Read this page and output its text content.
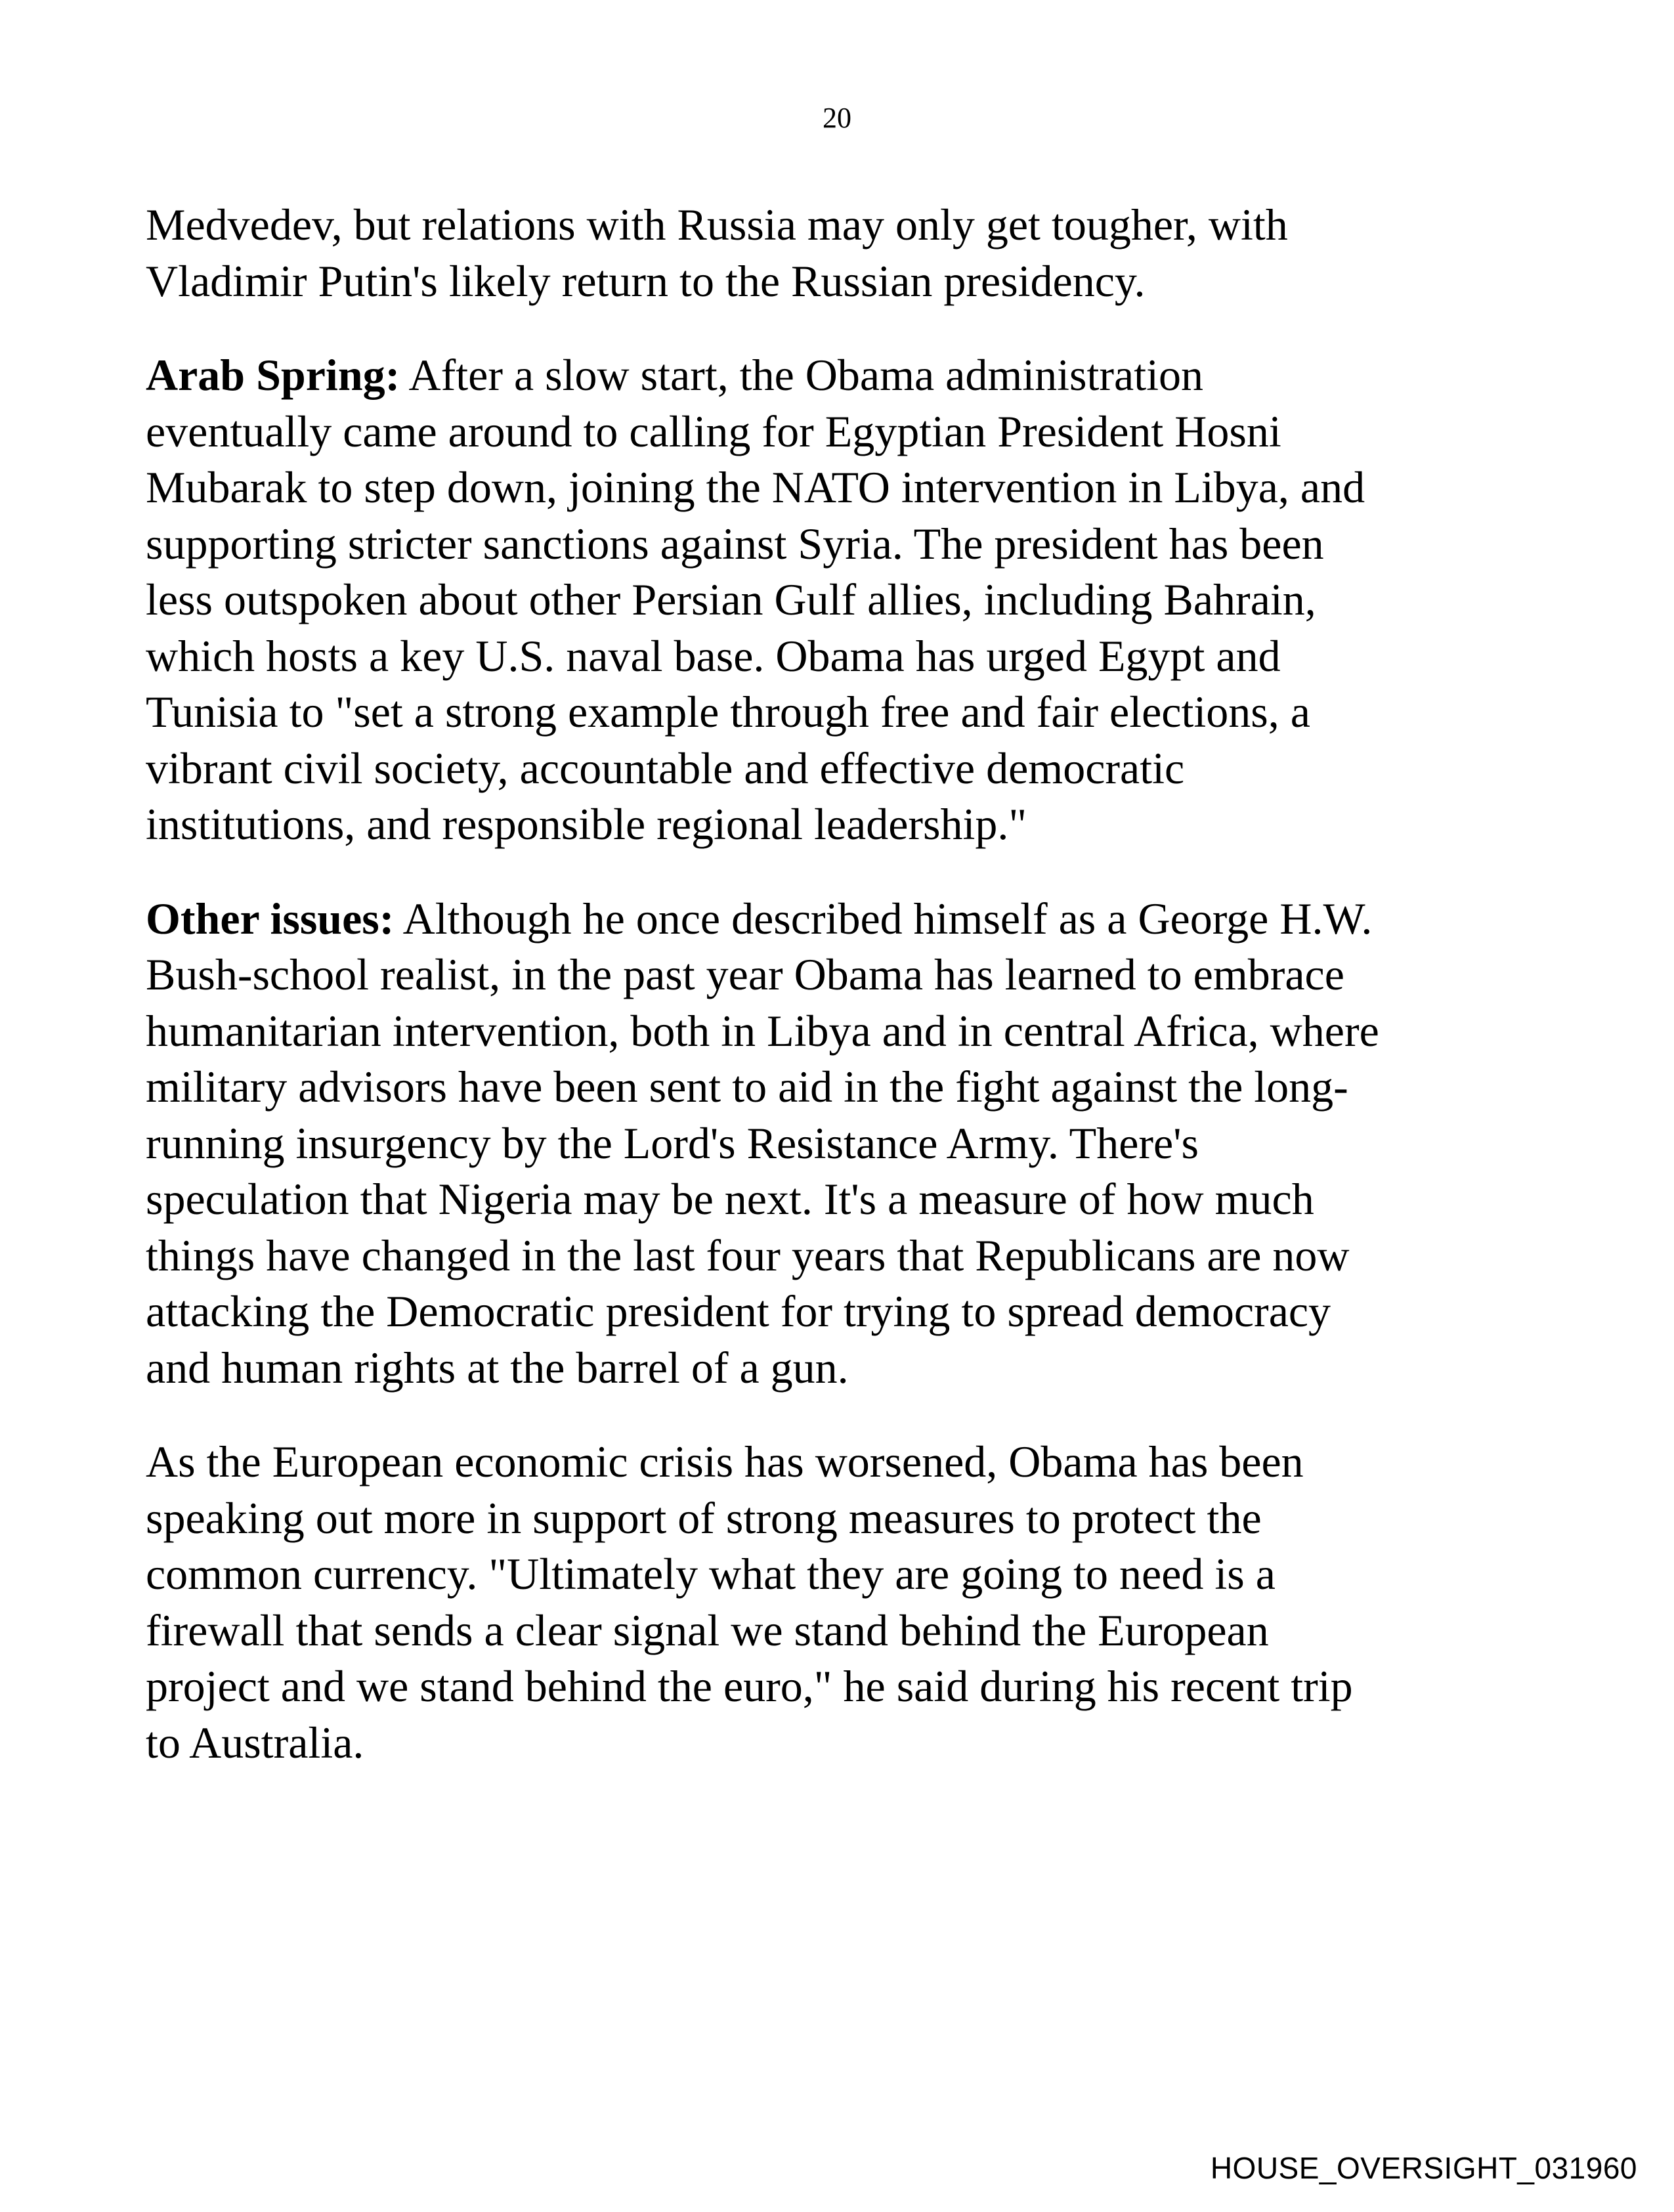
20

Medvedev, but relations with Russia may only get tougher, with
Vladimir Putin's likely return to the Russian presidency.

Arab Spring: After a slow start, the Obama administration
eventually came around to calling for Egyptian President Hosni
Mubarak to step down, joining the NATO intervention in Libya, and
supporting stricter sanctions against Syria. The president has been
less outspoken about other Persian Gulf allies, including Bahrain,
which hosts a key U.S. naval base. Obama has urged Egypt and
Tunisia to "set a strong example through free and fair elections, a
vibrant civil society, accountable and effective democratic
institutions, and responsible regional leadership."

Other issues: Although he once described himself as a George H.W.
Bush-school realist, in the past year Obama has learned to embrace
humanitarian intervention, both in Libya and in central Africa, where
military advisors have been sent to aid in the fight against the long-
running insurgency by the Lord's Resistance Army. There's
speculation that Nigeria may be next. It's a measure of how much
things have changed in the last four years that Republicans are now
attacking the Democratic president for trying to spread democracy
and human rights at the barrel of a gun.

As the European economic crisis has worsened, Obama has been
speaking out more in support of strong measures to protect the
common currency. "Ultimately what they are going to need is a
firewall that sends a clear signal we stand behind the European
project and we stand behind the euro," he said during his recent trip
to Australia.

HOUSE_OVERSIGHT_031960
